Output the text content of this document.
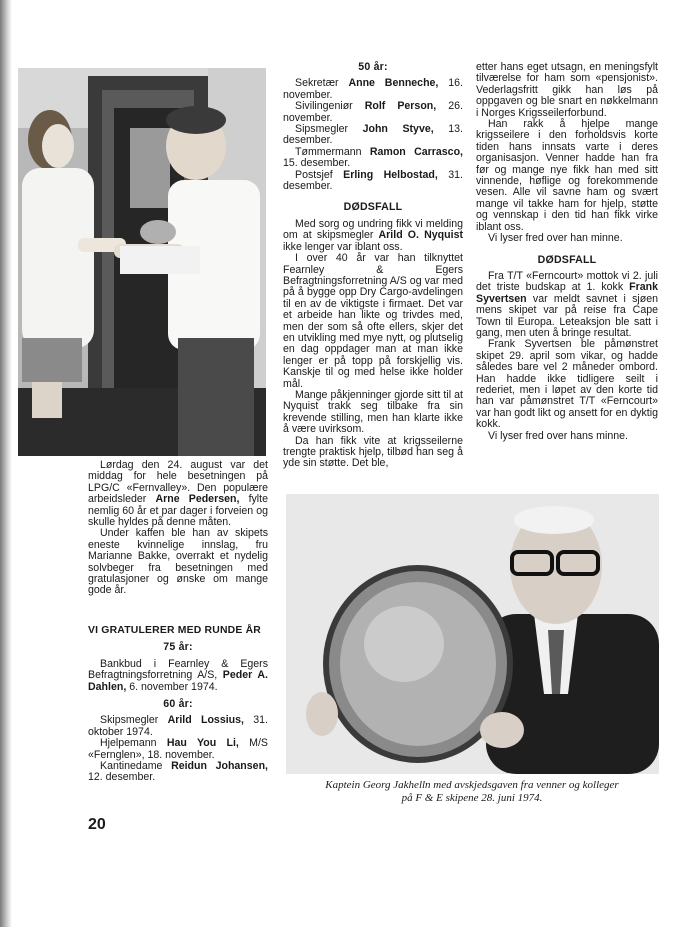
Lørdag den 24. august var det middag for hele besetningen på LPG/C «Fernvalley». Den populære arbeidsleder Arne Pedersen, fylte nemlig 60 år et par dager i forveien og skulle hyldes på denne måten.

Under kaffen ble han av skipets eneste kvinnelige innslag, fru Marianne Bakke, overrakt et nydelig solvbeger fra besetningen med gratulasjoner og ønske om mange gode år.

VI GRATULERER MED RUNDE ÅR
75 år:

Bankbud i Fearnley & Egers Befragtningsforretning A/S, Peder A. Dahlen, 6. november 1974.

60 år:

Skipsmegler Arild Lossius, 31. oktober 1974.

Hjelpemann Hau You Li, M/S «Fernglen», 18. november.

Kantinedame Reidun Johansen, 12. desember.

50 år:

Sekretær Anne Benneche, 16. november.

Sivilingeniør Rolf Person, 26. november.

Sipsmegler John Styve, 13. desember.

Tømmermann Ramon Carrasco, 15. desember.

Postsjef Erling Helbostad, 31. desember.

DØDSFALL

Med sorg og undring fikk vi melding om at skipsmegler Arild O. Nyquist ikke lenger var iblant oss.

I over 40 år var han tilknyttet Fearnley & Egers Befragtningsforretning A/S og var med på å bygge opp Dry Cargo-avdelingen til en av de viktigste i firmaet. Det var et arbeide han likte og trivdes med, men der som så ofte ellers, skjer det en utvikling med mye nytt, og plutselig en dag oppdager man at man ikke lenger er på topp på forskjellig vis. Kanskje til og med helse ikke holder mål.

Mange påkjenninger gjorde sitt til at Nyquist trakk seg tilbake fra sin krevende stilling, men han klarte ikke å være uvirksom.

Da han fikk vite at krigsseilerne trengte praktisk hjelp, tilbød han seg å yde sin støtte. Det ble,

etter hans eget utsagn, en meningsfylt tilværelse for ham som «pensjonist». Vederlagsfritt gikk han løs på oppgaven og ble snart en nøkkelmann i Norges Krigsseilerforbund.

Han rakk å hjelpe mange krigsseilere i den forholdsvis korte tiden hans innsats varte i deres organisasjon. Venner hadde han fra før og mange nye fikk han med sitt vinnende, høflige og forekommende vesen. Alle vil savne ham og svært mange vil takke ham for hjelp, støtte og vennskap i den tid han fikk virke iblant oss.

Vi lyser fred over han minne.

DØDSFALL

Fra T/T «Ferncourt» mottok vi 2. juli det triste budskap at 1. kokk Frank Syvertsen var meldt savnet i sjøen mens skipet var på reise fra Cape Town til Europa. Leteaksjon ble satt i gang, men uten å bringe resultat.

Frank Syvertsen ble påmønstret skipet 29. april som vikar, og hadde således bare vel 2 måneder ombord. Han hadde ikke tidligere seilt i rederiet, men i løpet av den korte tid han var påmønstret T/T «Ferncourt» var han godt likt og ansett for en dyktig kokk.

Vi lyser fred over hans minne.

Kaptein Georg Jakhelln med avskjedsgaven fra venner og kolleger
på F & E skipene 28. juni 1974.
20
